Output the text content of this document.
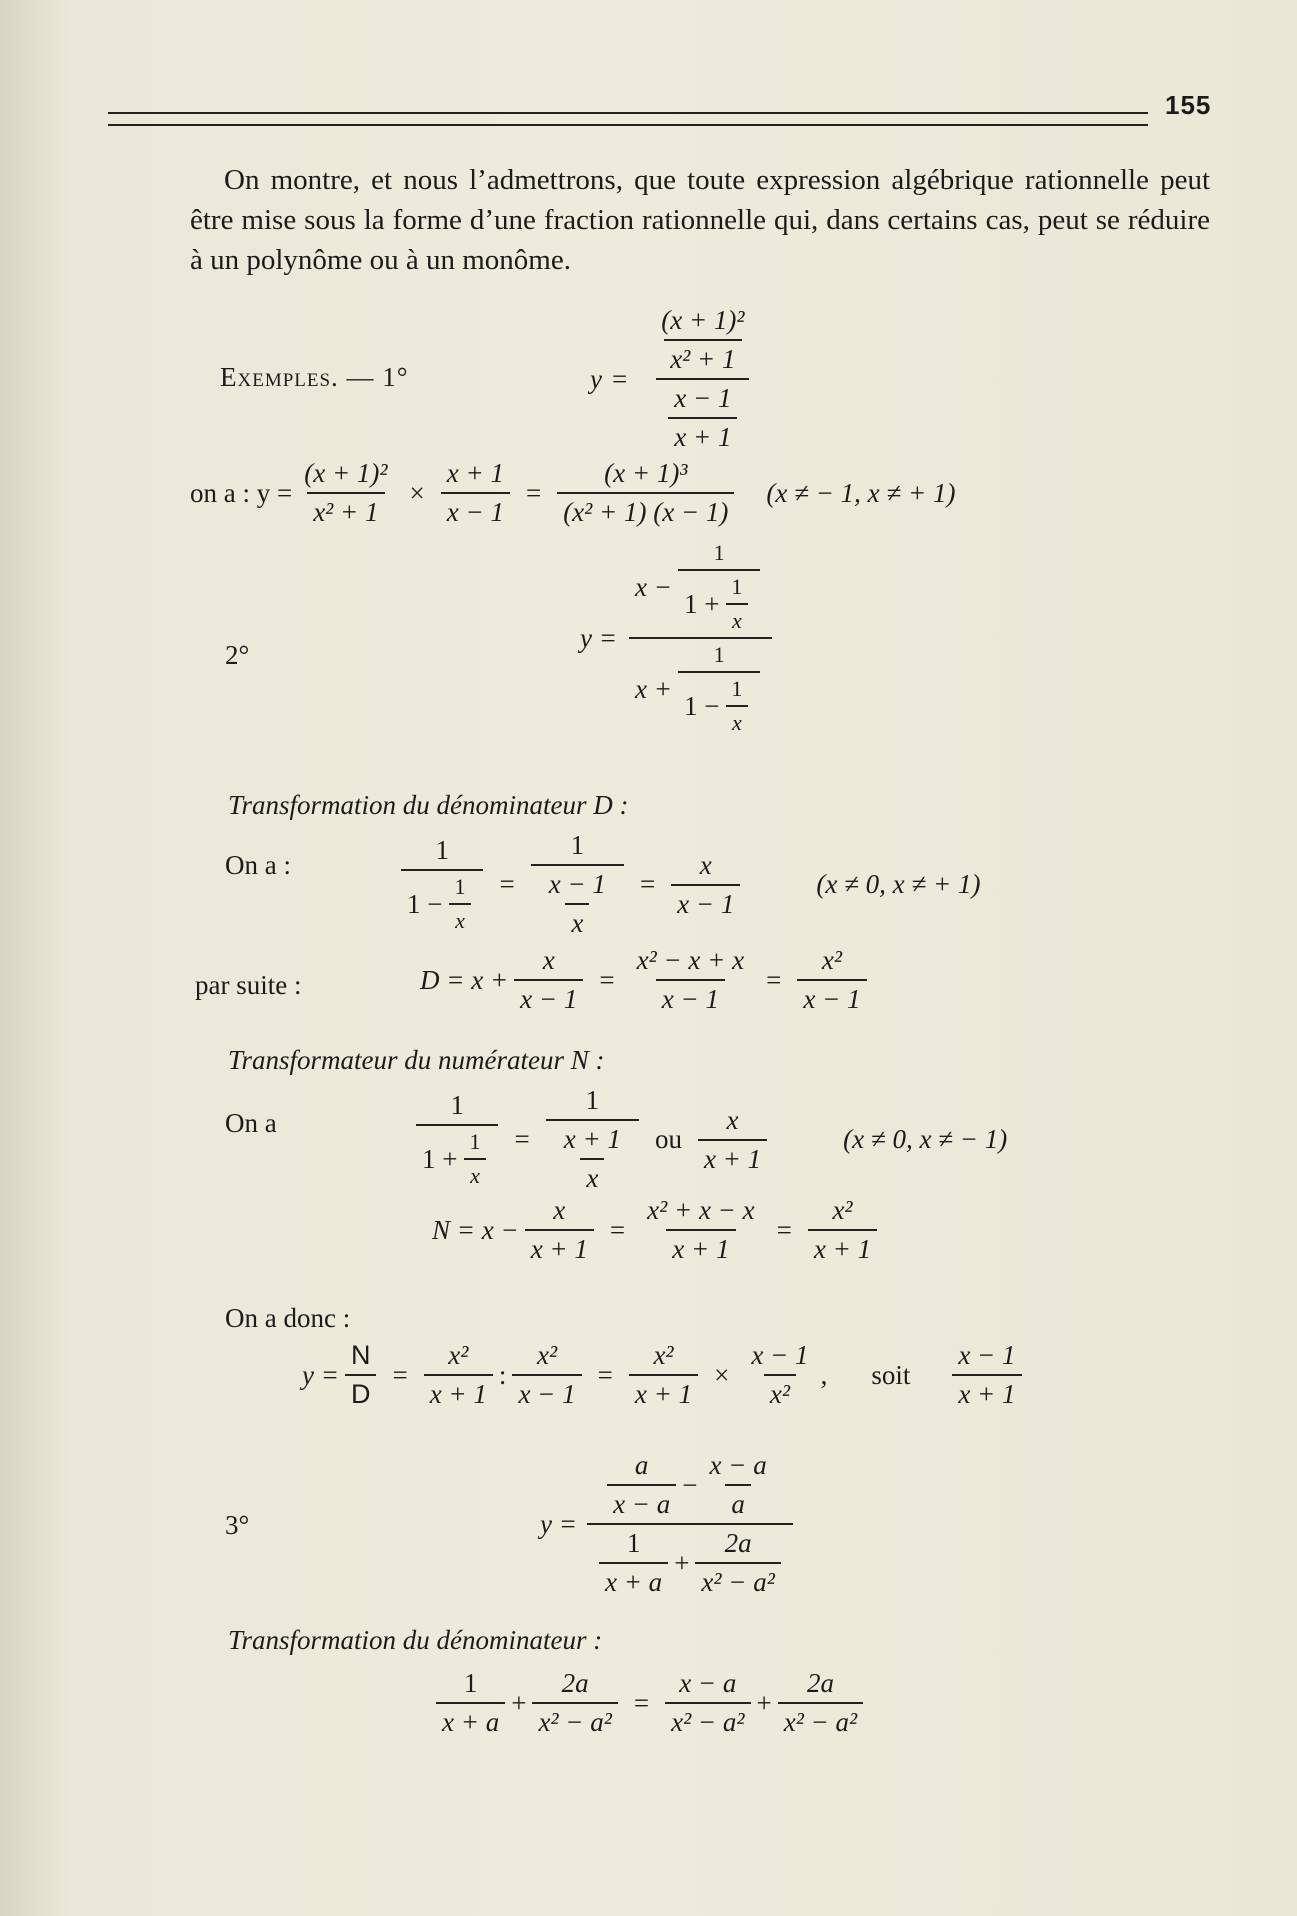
155

On montre, et nous l’admettrons, que toute expression algébrique rationnelle peut être mise sous la forme d’une fraction rationnelle qui, dans certains cas, peut se réduire à un polynôme ou à un monôme.

Exemples. — 1°	$y = \frac{\frac{\text{(x + 1)²}}{\text{x² + 1}}}{\frac{x - 1}{x + 1}}$
on a : $y = \frac{\text{(x + 1)²}}{\text{x² + 1}} \times \frac{x + 1}{x - 1} = \frac{\text{(x + 1)³}}{\text{(x² + 1) (x − 1)}} (x$ ≠ − 1, x ≠ + 1)
2°
$y = \frac{x - \frac{1}{1 + \frac{1}{x}}}{x + \frac{1}{1 - \frac{1}{x}}}$
Transformation du dénominateur D :
On a :	$\frac{1}{1 - \frac{1}{x}} = \frac{1}{\frac{x - 1}{x}} = \frac{x}{x - 1}$	(x ≠ 0, x ≠ + 1)
par suite :	$D = x + \frac{x}{x - 1} = \frac{\text{x² − x + x}}{x - 1} = \frac{\text{x²}}{x - 1}$
Transformateur du numérateur N :
On a	$\frac{1}{1 + \frac{1}{x}} = \frac{1}{\frac{x + 1}{x}}$ ou $\frac{x}{x + 1}$	(x ≠ 0, x ≠ − 1)
$N = x - \frac{x}{x + 1} = \frac{\text{x² + x − x}}{x + 1} = \frac{\text{x²}}{x + 1}$
On a donc :
$y = \frac{N}{D} = \frac{\text{x²}}{x + 1}$ : $\frac{\text{x²}}{x - 1} = \frac{\text{x²}}{x + 1} \times \frac{x - 1}{\text{x²}}$ , soit $\frac{x - 1}{x + 1}$
3°	$y = \frac{\frac{a}{x - a} - \frac{x - a}{a}}{\frac{1}{x + a} + \frac{2a}{\text{x² − a²}}}$
Transformation du dénominateur :
$\frac{1}{x + a} + \frac{2a}{\text{x² − a²}} = \frac{x - a}{\text{x² − a²}} + \frac{2a}{\text{x² − a²}}$
